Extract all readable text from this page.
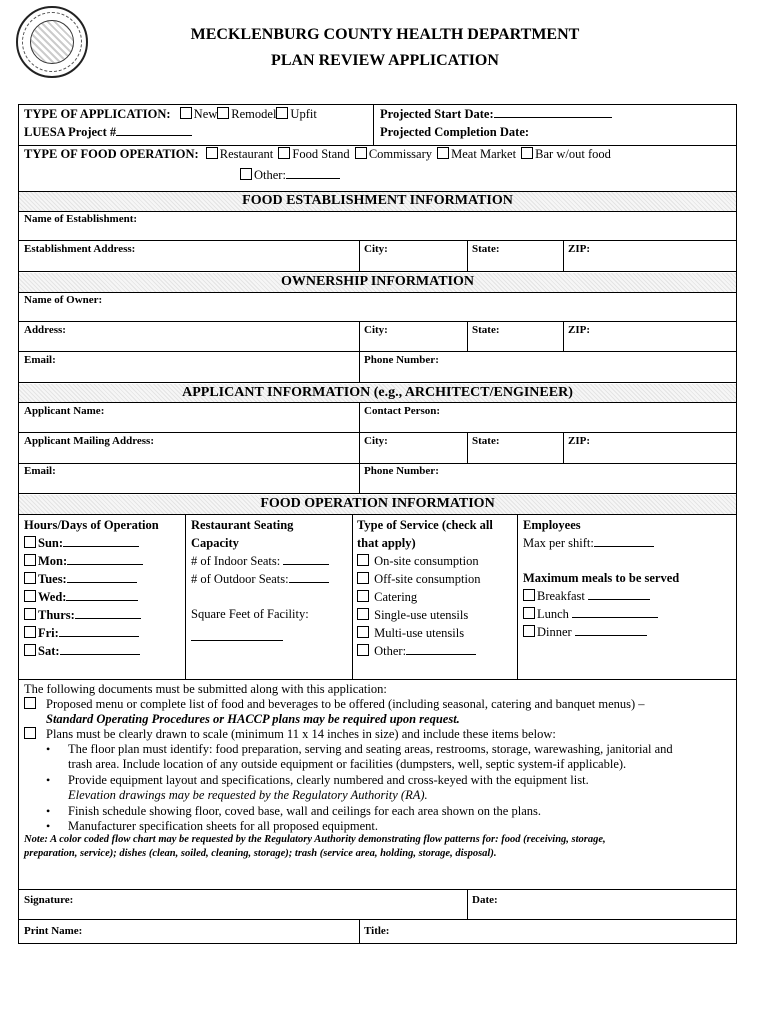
MECKLENBURG COUNTY HEALTH DEPARTMENT
PLAN REVIEW APPLICATION
TYPE OF APPLICATION: New Remodel Upfit
LUESA Project #
Projected Start Date:
Projected Completion Date:
TYPE OF FOOD OPERATION: Restaurant Food Stand Commissary Meat Market Bar w/out food
Other:
FOOD ESTABLISHMENT INFORMATION
Name of Establishment:
Establishment Address:	City:	State:	ZIP:
OWNERSHIP INFORMATION
Name of Owner:
Address:	City:	State:	ZIP:
Email:	Phone Number:
APPLICANT INFORMATION (e.g., ARCHITECT/ENGINEER)
Applicant Name:	Contact Person:
Applicant Mailing Address:	City:	State:	ZIP:
Email:	Phone Number:
FOOD OPERATION INFORMATION
Hours/Days of Operation
Sun:
Mon:
Tues:
Wed:
Thurs:
Fri:
Sat:
Restaurant Seating
Capacity
# of Indoor Seats:
# of Outdoor Seats:
Square Feet of Facility:
Type of Service (check all
that apply)
On-site consumption
Off-site consumption
Catering
Single-use utensils
Multi-use utensils
Other:
Employees
Max per shift:
Maximum meals to be served
Breakfast
Lunch
Dinner
The following documents must be submitted along with this application:
Proposed menu or complete list of food and beverages to be offered (including seasonal, catering and banquet menus) –
Standard Operating Procedures or HACCP plans may be required upon request.
Plans must be clearly drawn to scale (minimum 11 x 14 inches in size) and include these items below:
• The floor plan must identify: food preparation, serving and seating areas, restrooms, storage, warewashing, janitorial and
trash area. Include location of any outside equipment or facilities (dumpsters, well, septic system-if applicable).
• Provide equipment layout and specifications, clearly numbered and cross-keyed with the equipment list.
Elevation drawings may be requested by the Regulatory Authority (RA).
• Finish schedule showing floor, coved base, wall and ceilings for each area shown on the plans.
• Manufacturer specification sheets for all proposed equipment.
Note: A color coded flow chart may be requested by the Regulatory Authority demonstrating flow patterns for: food (receiving, storage,
preparation, service); dishes (clean, soiled, cleaning, storage); trash (service area, holding, storage, disposal).
Signature:	Date:
Print Name:	Title:
